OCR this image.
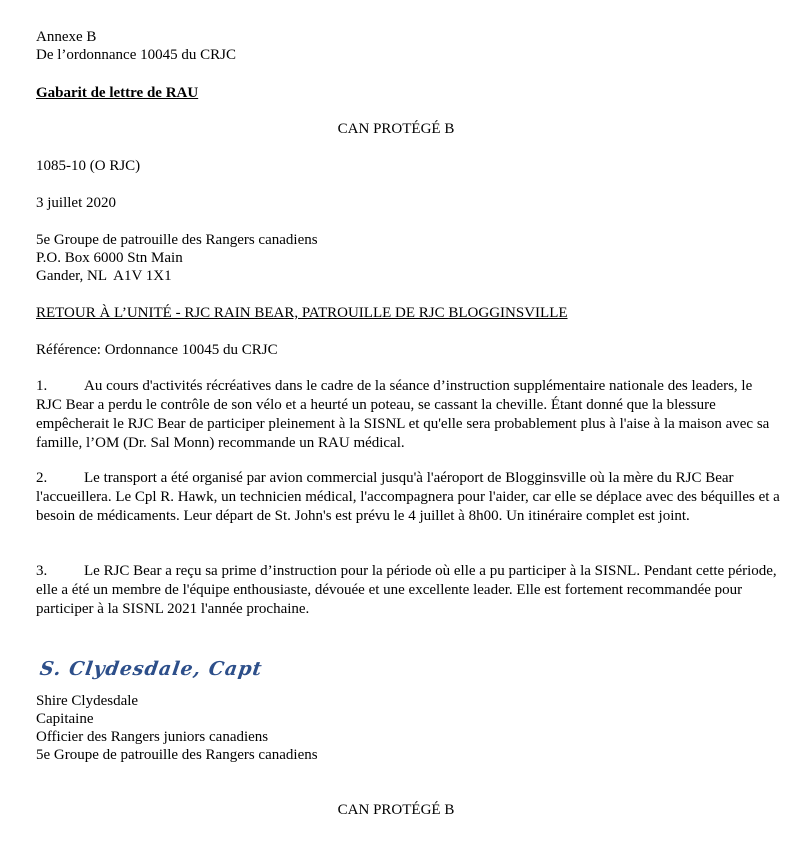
Annexe B
De l’ordonnance 10045 du CRJC
Gabarit de lettre de RAU
CAN PROTÉGÉ B
1085-10 (O RJC)
3 juillet 2020
5e Groupe de patrouille des Rangers canadiens
P.O. Box 6000 Stn Main
Gander, NL  A1V 1X1
RETOUR À L’UNITÉ - RJC RAIN BEAR, PATROUILLE DE RJC BLOGGINSVILLE
Référence: Ordonnance 10045 du CRJC
1. Au cours d'activités récréatives dans le cadre de la séance d’instruction supplémentaire nationale des leaders, le RJC Bear a perdu le contrôle de son vélo et a heurté un poteau, se cassant la cheville. Étant donné que la blessure empêcherait le RJC Bear de participer pleinement à la SISNL et qu'elle sera probablement plus à l'aise à la maison avec sa famille, l’OM (Dr. Sal Monn) recommande un RAU médical.
2. Le transport a été organisé par avion commercial jusqu'à l'aéroport de Blogginsville où la mère du RJC Bear l'accueillera. Le Cpl R. Hawk, un technicien médical, l'accompagnera pour l'aider, car elle se déplace avec des béquilles et a besoin de médicaments. Leur départ de St. John's est prévu le 4 juillet à 8h00. Un itinéraire complet est joint.
3. Le RJC Bear a reçu sa prime d’instruction pour la période où elle a pu participer à la SISNL. Pendant cette période, elle a été un membre de l'équipe enthousiaste, dévouée et une excellente leader. Elle est fortement recommandée pour participer à la SISNL 2021 l'année prochaine.
S. Clydesdale, Capt
Shire Clydesdale
Capitaine
Officier des Rangers juniors canadiens
5e Groupe de patrouille des Rangers canadiens
CAN PROTÉGÉ B
